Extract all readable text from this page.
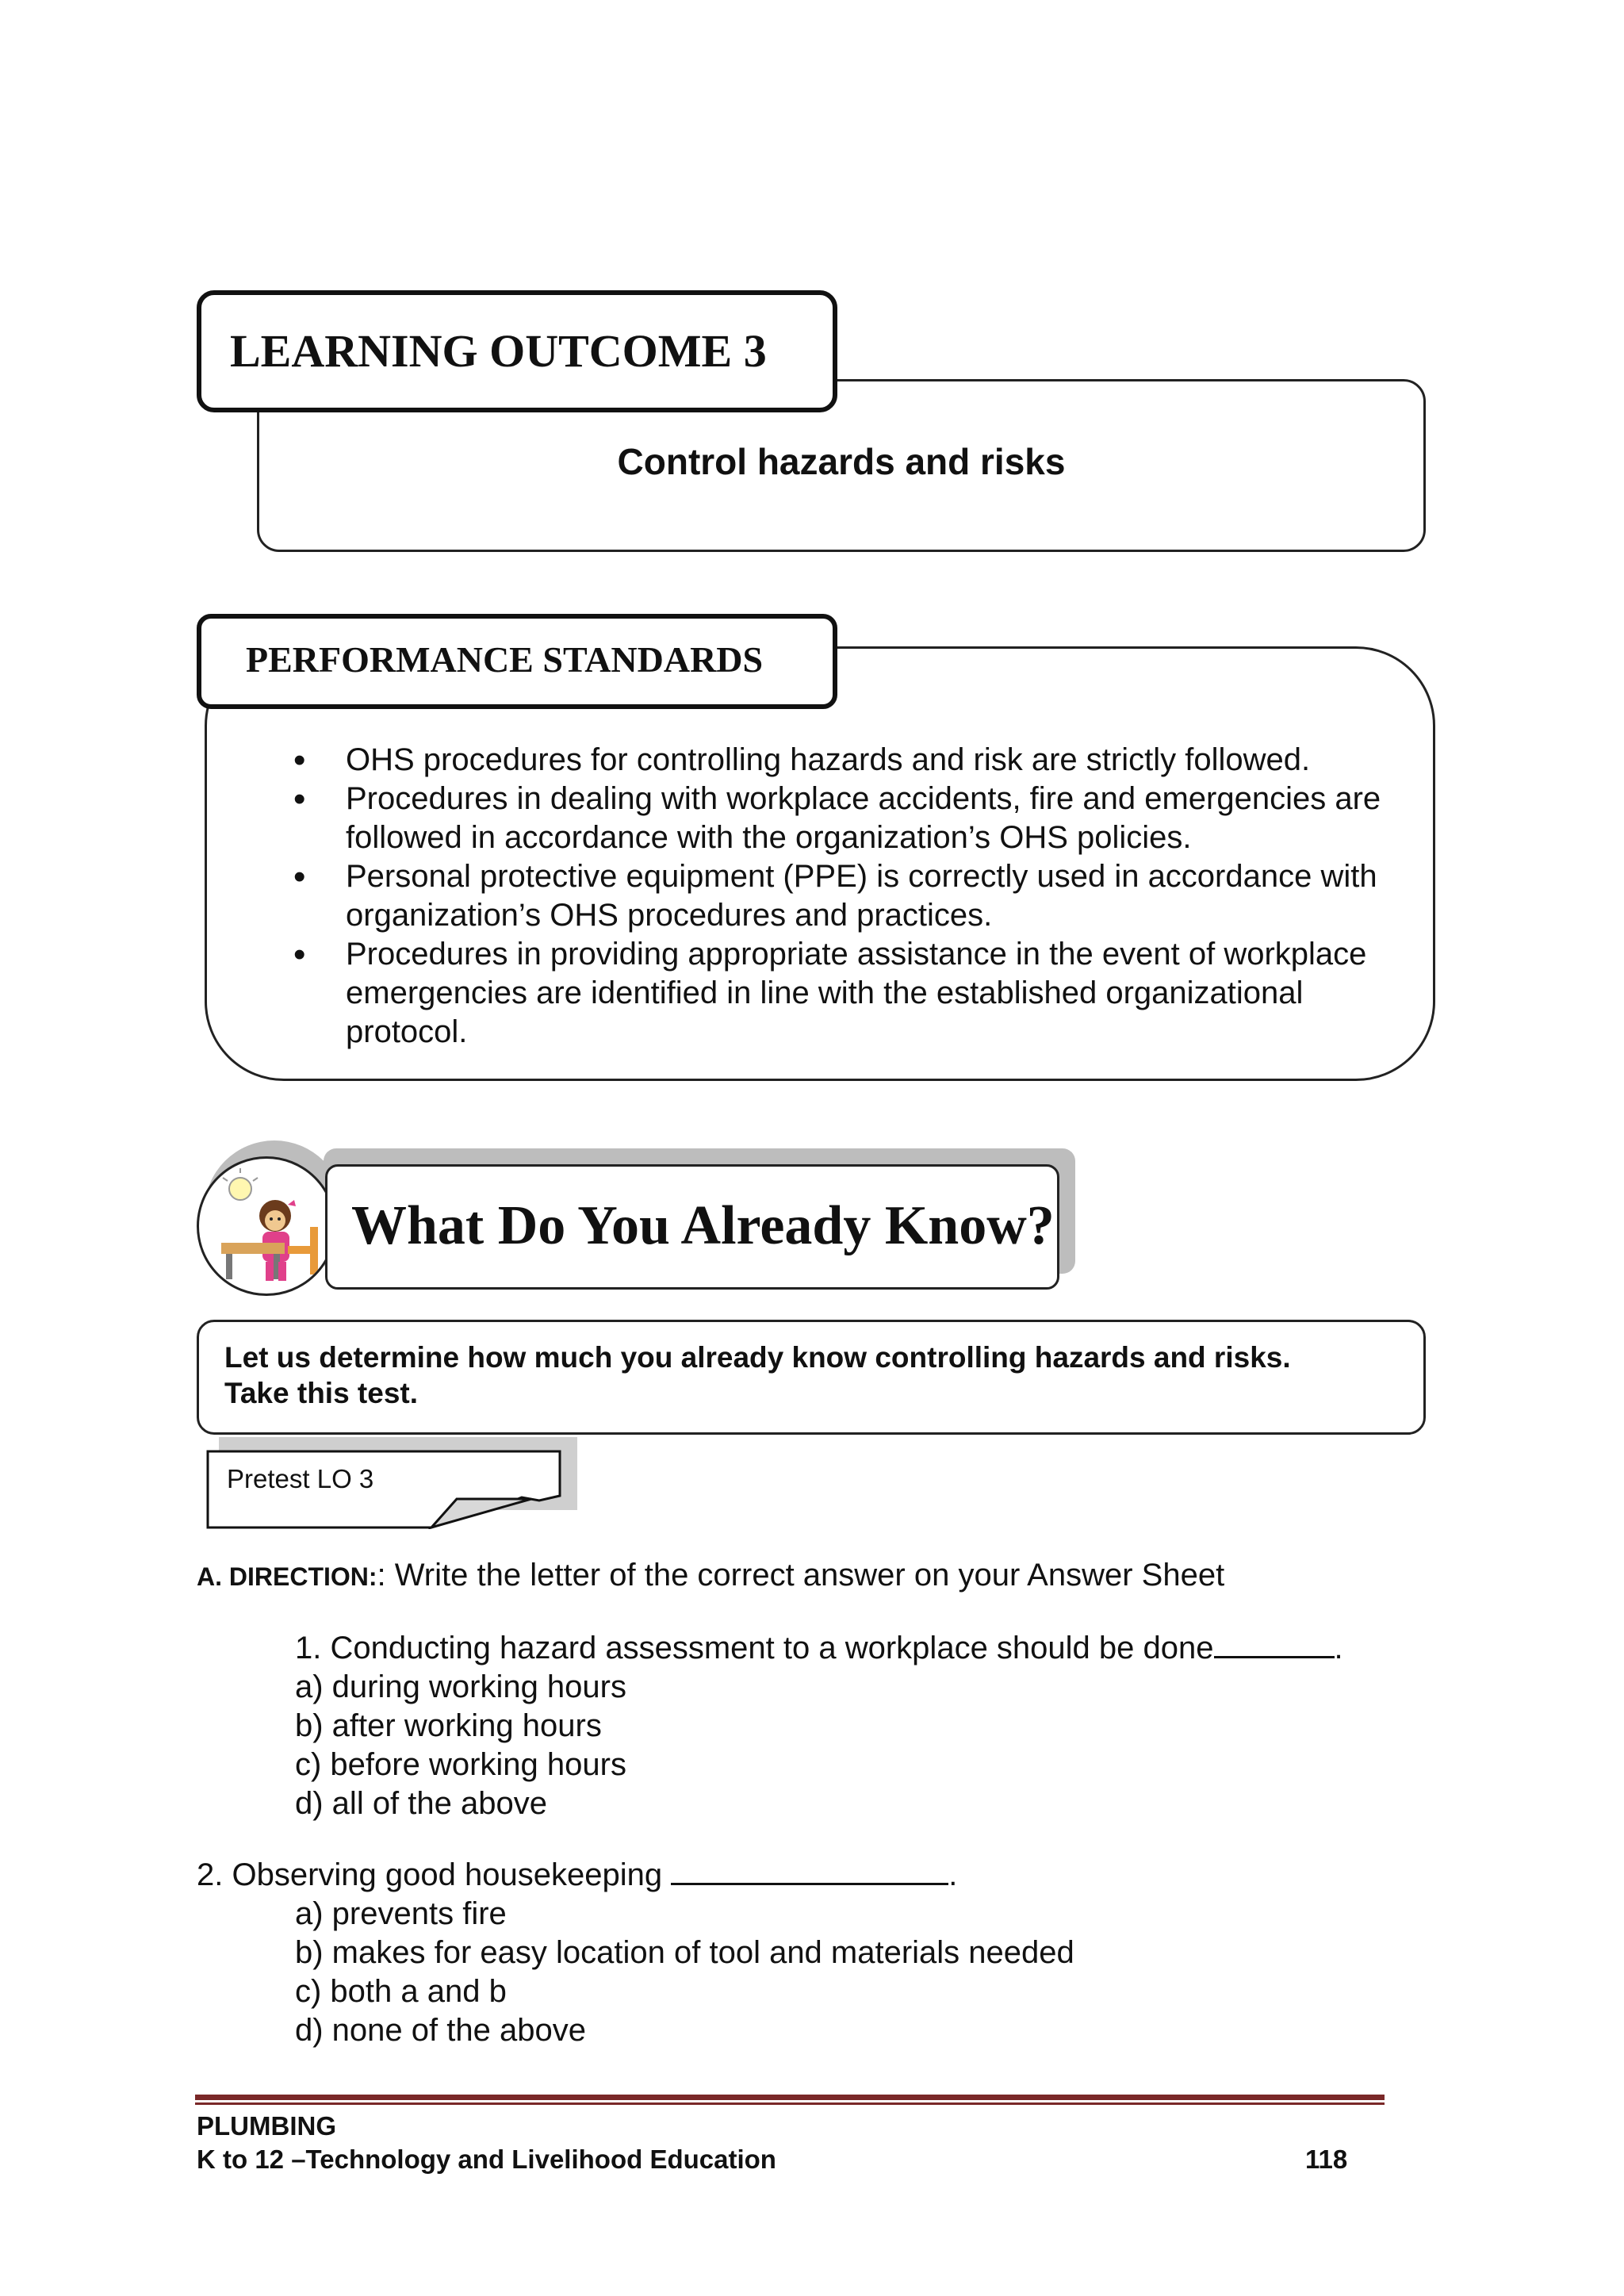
Control hazards and risks
LEARNING OUTCOME 3
PERFORMANCE STANDARDS
• OHS procedures for controlling hazards and risk are strictly followed.
• Procedures in dealing with workplace accidents, fire and emergencies are followed in accordance with the organization’s OHS policies.
• Personal protective equipment (PPE) is correctly used in accordance with organization’s OHS procedures and practices.
• Procedures in providing appropriate assistance in the event of workplace emergencies are identified in line with the established organizational protocol.
What Do You Already Know?
Let us determine how much you already know controlling hazards and risks.
Take this test.
Pretest LO 3
A. DIRECTION:: Write the letter of the correct answer on your Answer Sheet
1. Conducting hazard assessment to a workplace should be done	.
a) during working hours
b) after working hours
c) before working hours
d) all of the above
2. Observing good housekeeping	.
a) prevents fire
b) makes for easy location of tool and materials needed
c) both a and b
d) none of the above
PLUMBING
K to 12 –Technology and Livelihood Education	118
